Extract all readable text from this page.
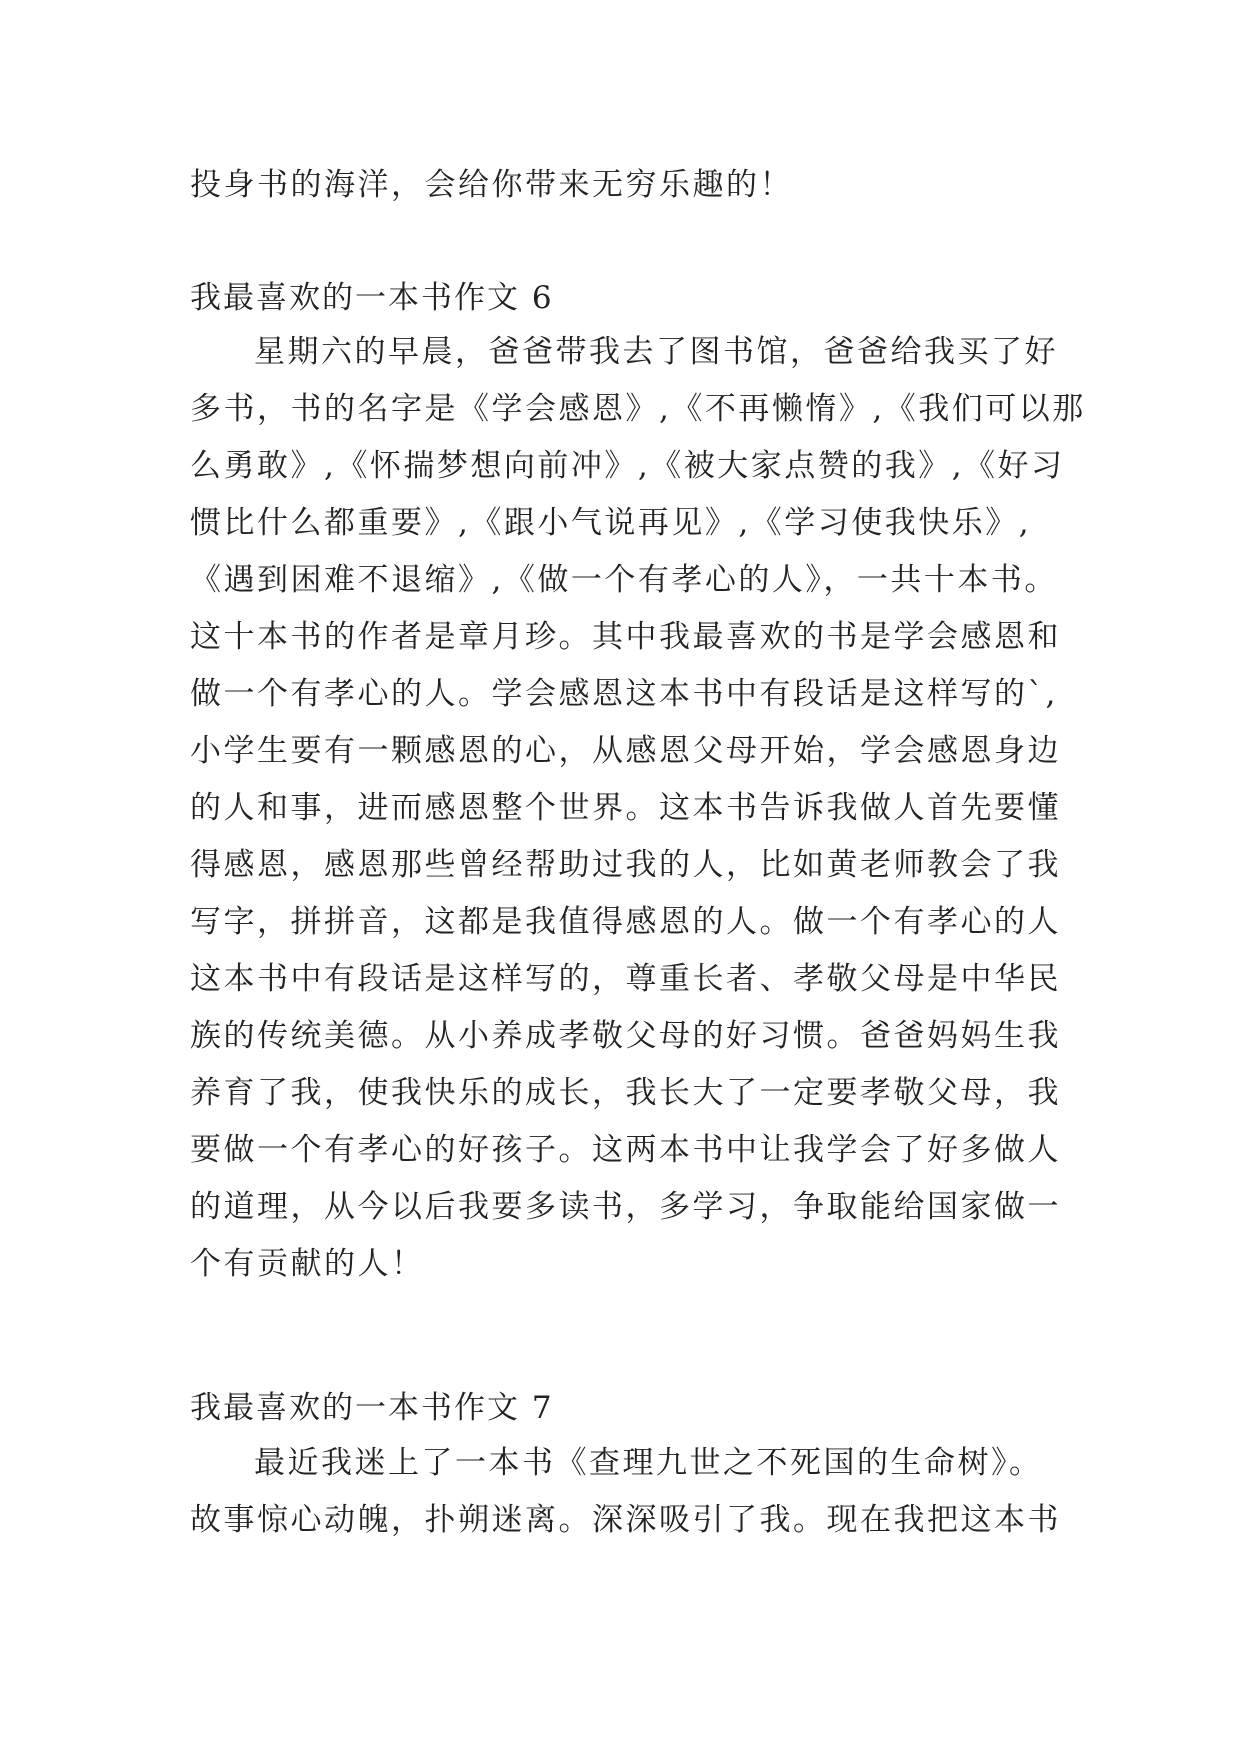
投身书的海洋，会给你带来无穷乐趣的！
我最喜欢的一本书作文 6
星期六的早晨，爸爸带我去了图书馆，爸爸给我买了好
多书，书的名字是《学会感恩》,《不再懒惰》,《我们可以那
么勇敢》,《怀揣梦想向前冲》,《被大家点赞的我》,《好习
惯比什么都重要》,《跟小气说再见》,《学习使我快乐》,
《遇到困难不退缩》,《做一个有孝心的人》，一共十本书。
这十本书的作者是章月珍。其中我最喜欢的书是学会感恩和
做一个有孝心的人。学会感恩这本书中有段话是这样写的`,
小学生要有一颗感恩的心，从感恩父母开始，学会感恩身边
的人和事，进而感恩整个世界。这本书告诉我做人首先要懂
得感恩，感恩那些曾经帮助过我的人，比如黄老师教会了我
写字，拼拼音，这都是我值得感恩的人。做一个有孝心的人
这本书中有段话是这样写的，尊重长者、孝敬父母是中华民
族的传统美德。从小养成孝敬父母的好习惯。爸爸妈妈生我
养育了我，使我快乐的成长，我长大了一定要孝敬父母，我
要做一个有孝心的好孩子。这两本书中让我学会了好多做人
的道理，从今以后我要多读书，多学习，争取能给国家做一
个有贡献的人！
我最喜欢的一本书作文 7
最近我迷上了一本书《查理九世之不死国的生命树》。
故事惊心动魄，扑朔迷离。深深吸引了我。现在我把这本书
